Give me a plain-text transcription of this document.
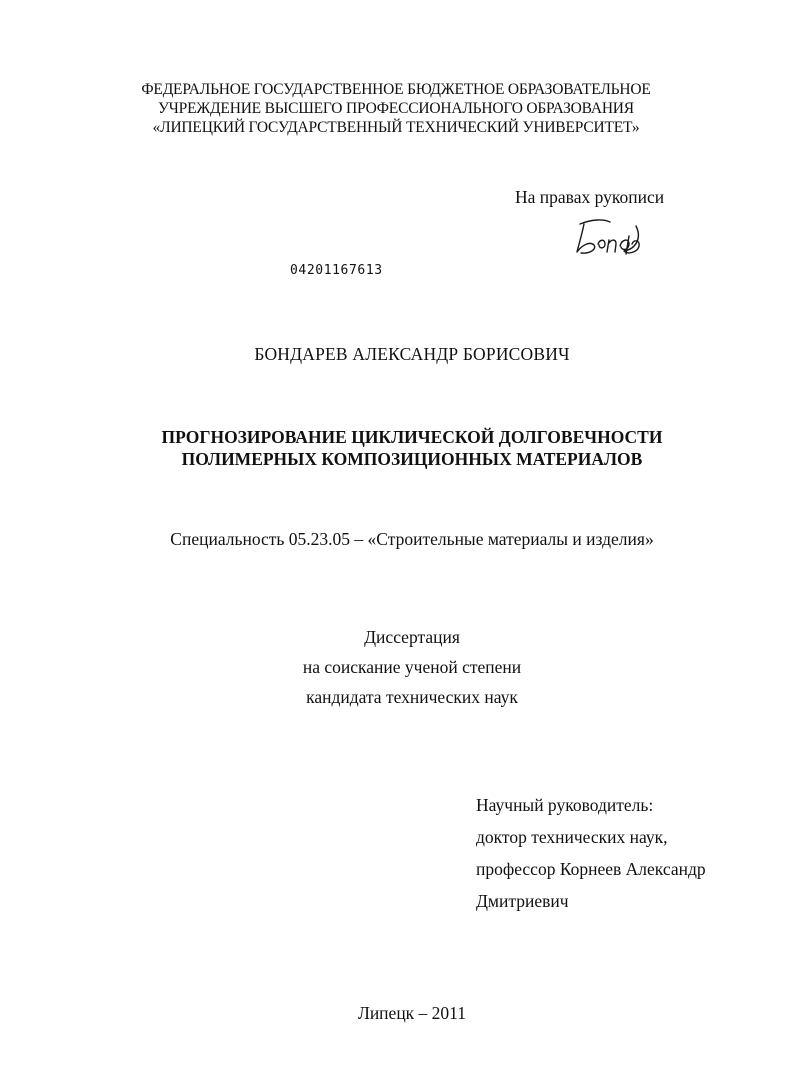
ФЕДЕРАЛЬНОЕ ГОСУДАРСТВЕННОЕ БЮДЖЕТНОЕ ОБРАЗОВАТЕЛЬНОЕ
УЧРЕЖДЕНИЕ ВЫСШЕГО ПРОФЕССИОНАЛЬНОГО ОБРАЗОВАНИЯ
«ЛИПЕЦКИЙ ГОСУДАРСТВЕННЫЙ ТЕХНИЧЕСКИЙ УНИВЕРСИТЕТ»
На правах рукописи
04201167613
БОНДАРЕВ АЛЕКСАНДР БОРИСОВИЧ
ПРОГНОЗИРОВАНИЕ ЦИКЛИЧЕСКОЙ ДОЛГОВЕЧНОСТИ
ПОЛИМЕРНЫХ КОМПОЗИЦИОННЫХ МАТЕРИАЛОВ
Специальность 05.23.05 – «Строительные материалы и изделия»
Диссертация
на соискание ученой степени
кандидата технических наук
Научный руководитель:
доктор технических наук,
профессор Корнеев Александр
Дмитриевич
Липецк – 2011
